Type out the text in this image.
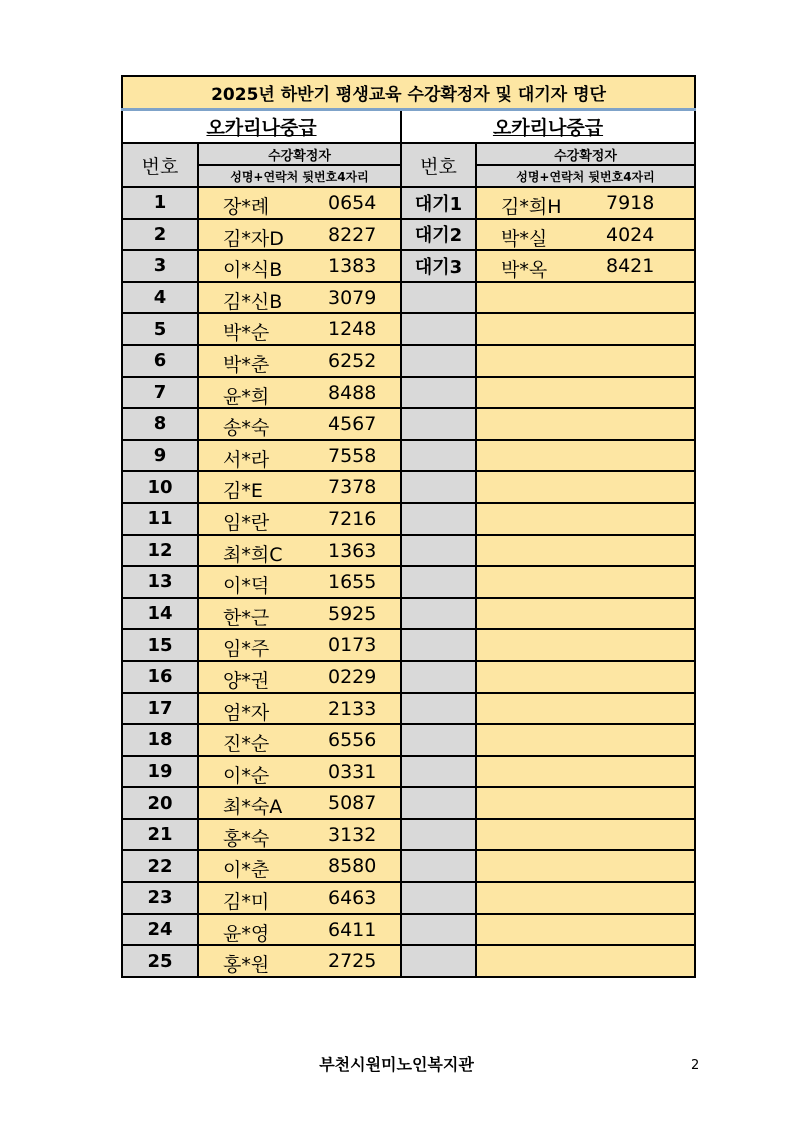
2025년 하반기 평생교육 수강확정자 및 대기자 명단			
오카리나중급		오카리나중급	
번호	수강확정자	번호	수강확정자
	성명+연락처 뒷번호4자리		성명+연락처 뒷번호4자리
1	장*례 0654	대기1	김*희H 7918

2	김*자D 8227	대기2	박*실 4024

3	이*식B 1383	대기3	박*옥 8421

4	김*신B 3079		

5	박*순 1248		

6	박*춘 6252		

7	윤*희 8488		

8	송*숙 4567		

9	서*라 7558		

10	김*E 7378		

11	임*란 7216		

12	최*희C 1363		

13	이*덕 1655		

14	한*근 5925		

15	임*주 0173		

16	양*권 0229		

17	엄*자 2133		

18	진*순 6556		

19	이*순 0331		

20	최*숙A 5087		

21	홍*숙 3132		

22	이*춘 8580		

23	김*미 6463		

24	윤*영 6411		

25	홍*원 2725		

부천시원미노인복지관	2
